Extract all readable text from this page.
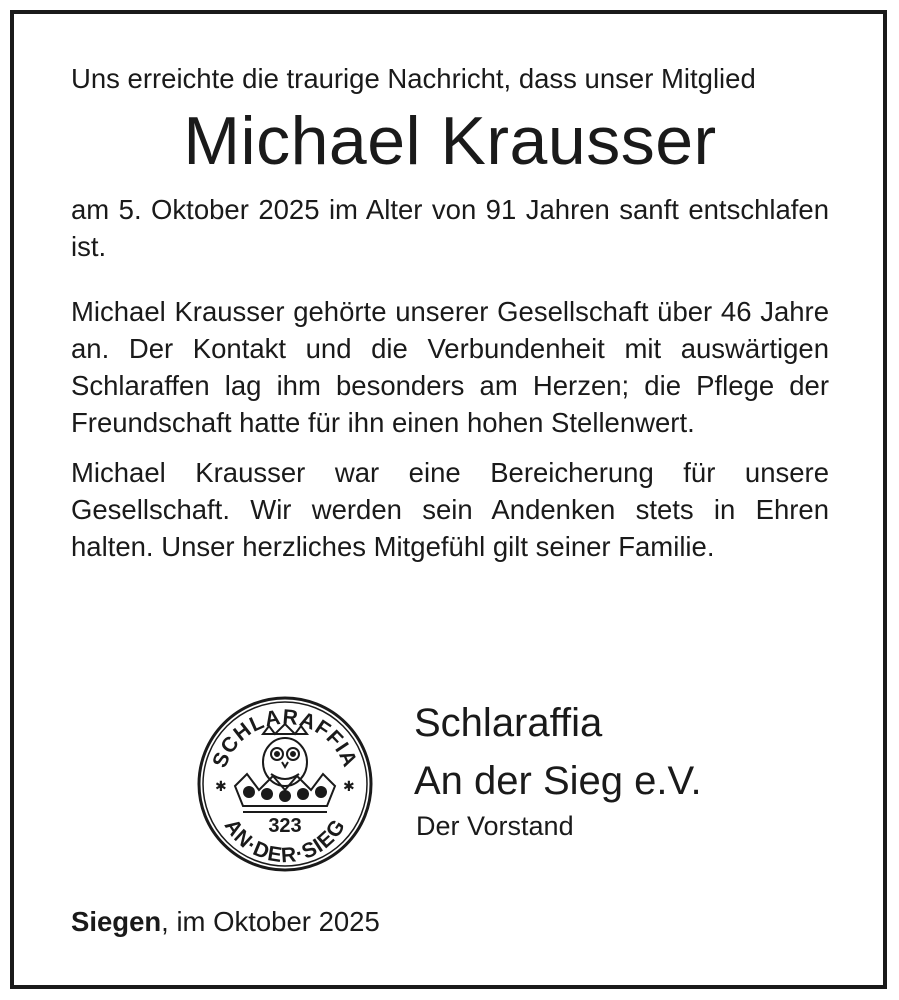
Uns erreichte die traurige Nachricht, dass unser Mitglied

Michael Krausser

am 5. Oktober 2025 im Alter von 91 Jahren sanft entschlafen ist.

Michael Krausser gehörte unserer Gesellschaft über 46 Jahre an. Der Kontakt und die Verbundenheit mit auswärtigen Schlaraffen lag ihm besonders am Herzen; die Pflege der Freundschaft hatte für ihn einen hohen Stellenwert.

Michael Krausser war eine Bereicherung für unsere Gesellschaft. Wir werden sein Andenken stets in Ehren halten. Unser herzliches Mitgefühl gilt seiner Familie.

SCHLARAFFIA
AN·DER·SIEG
✱	✱
323
Schlaraffia
An der Sieg e.V.
Der Vorstand
Siegen, im Oktober 2025
